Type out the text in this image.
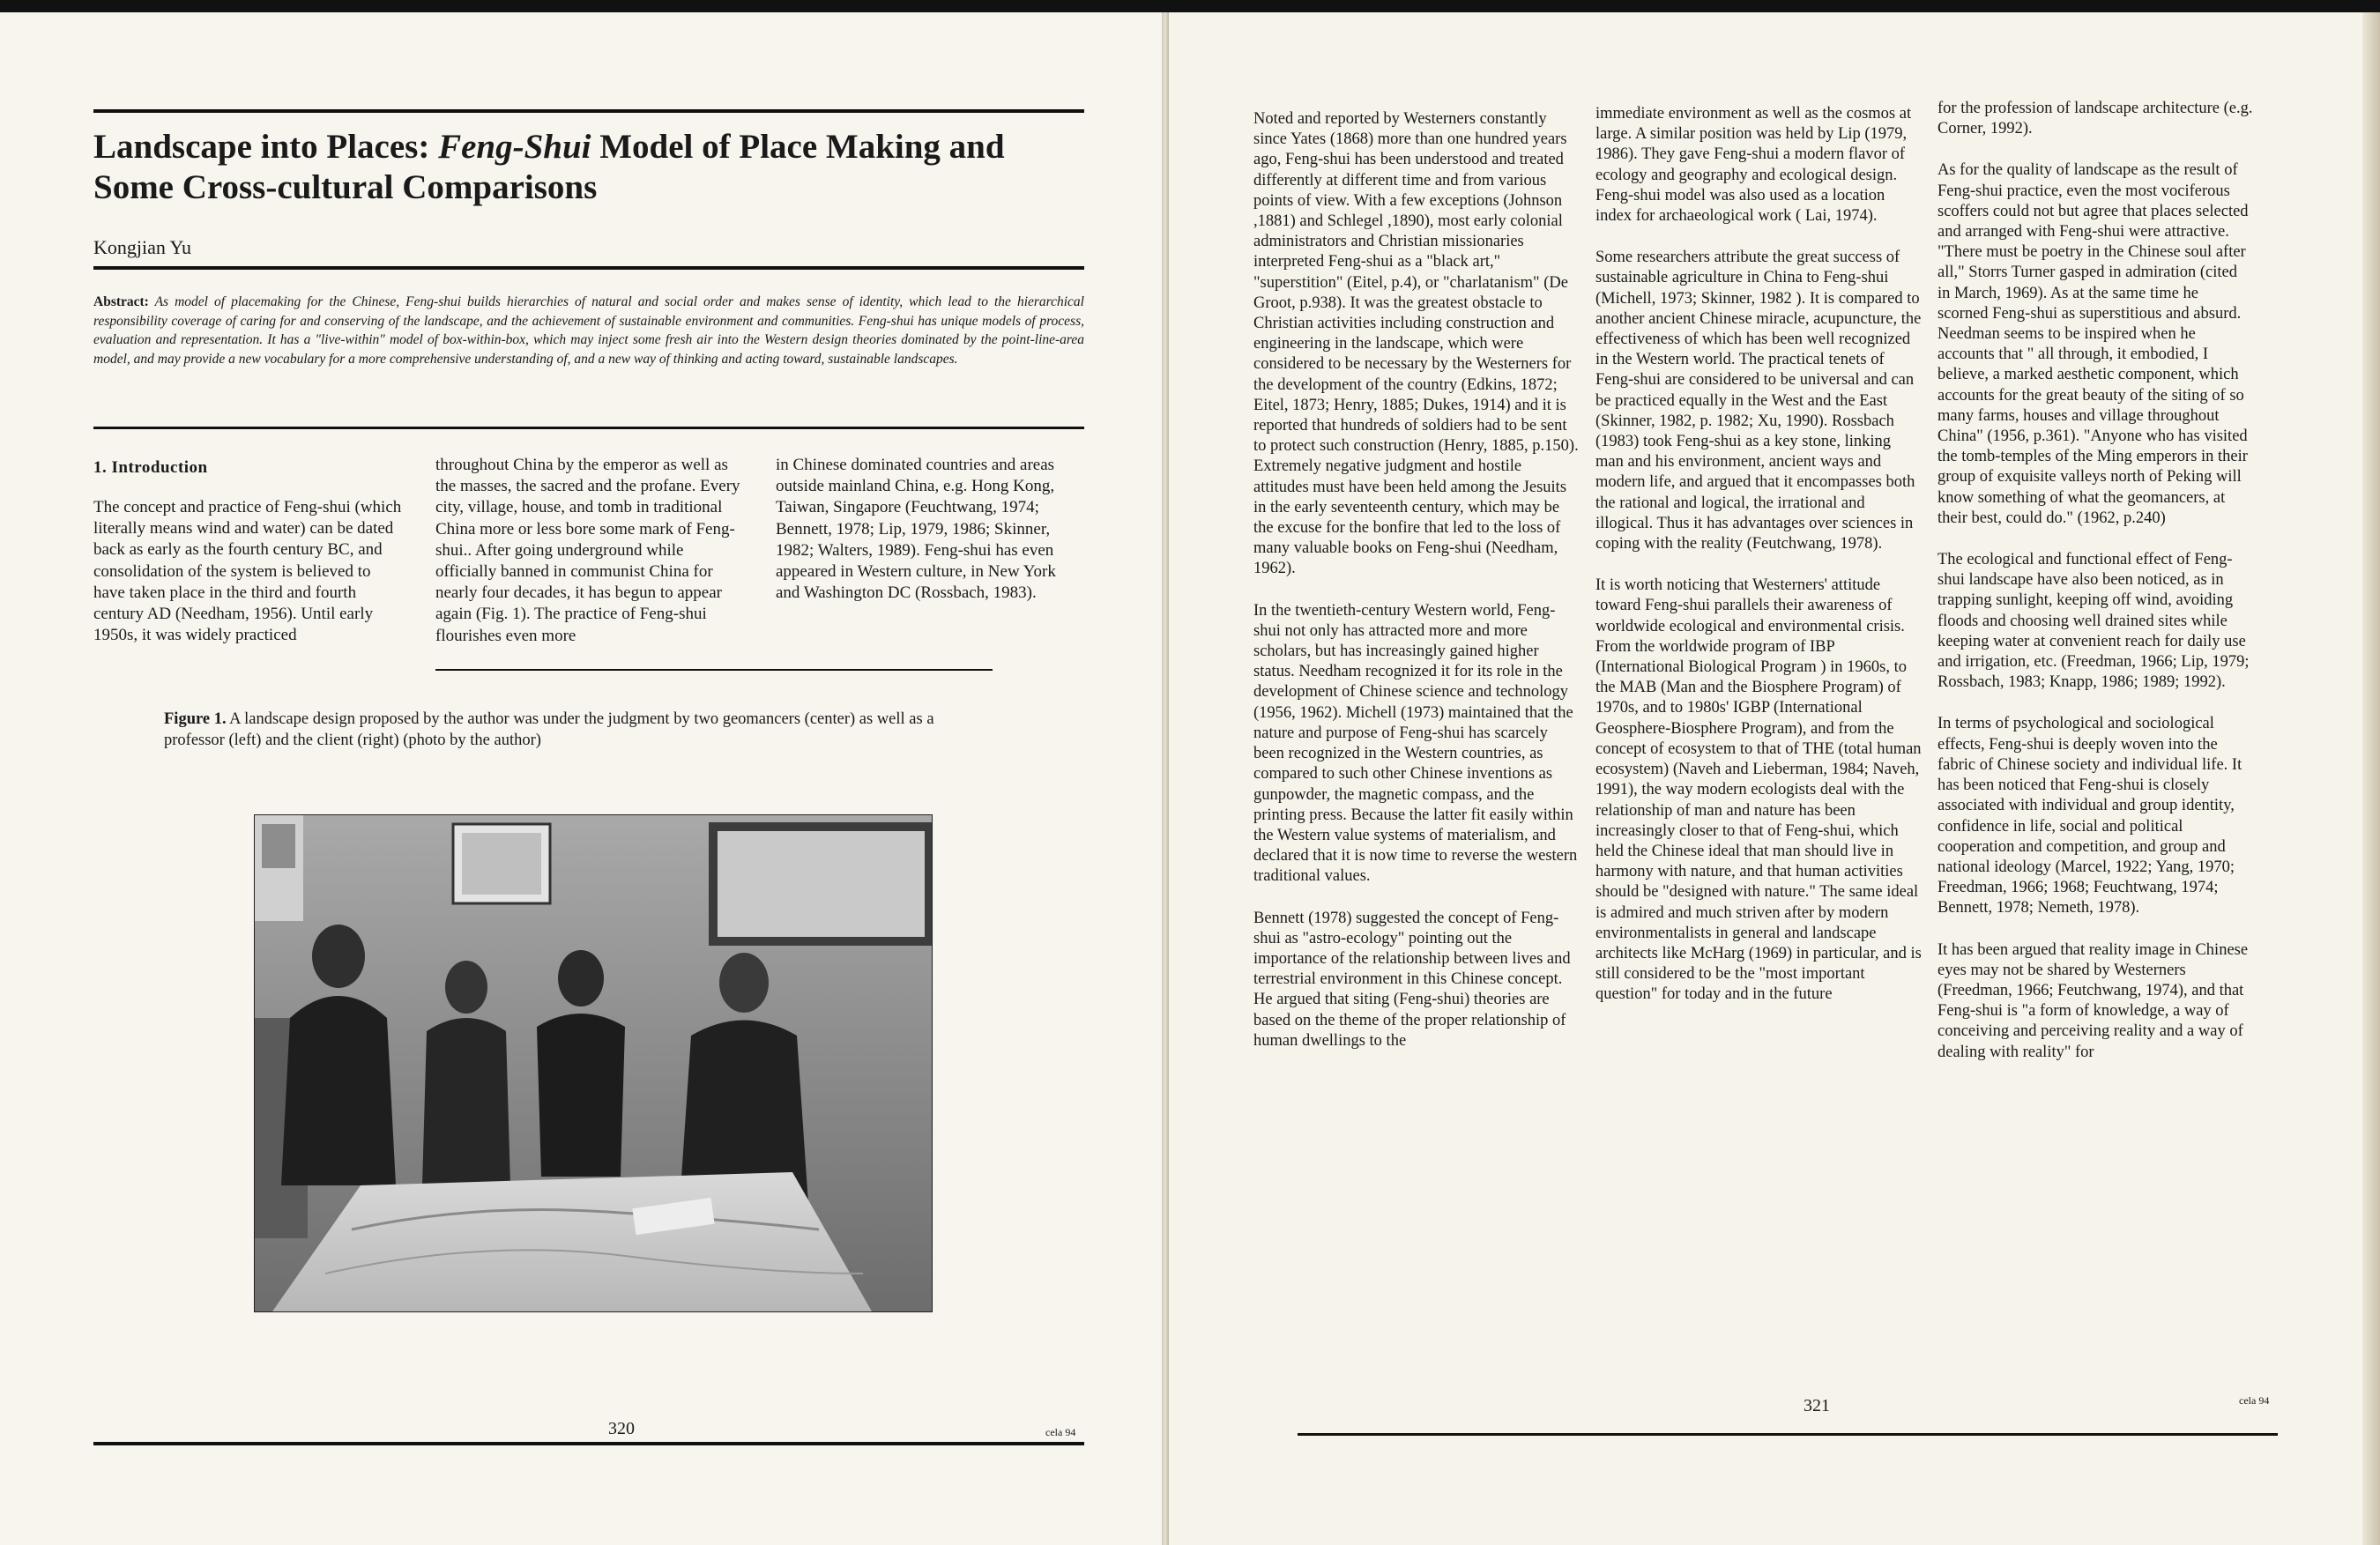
Landscape into Places: Feng-Shui Model of Place Making and Some Cross-cultural Comparisons

Kongjian Yu

Abstract: As model of placemaking for the Chinese, Feng-shui builds hierarchies of natural and social order and makes sense of identity, which lead to the hierarchical responsibility coverage of caring for and conserving of the landscape, and the achievement of sustainable environment and communities. Feng-shui has unique models of process, evaluation and representation. It has a "live-within" model of box-within-box, which may inject some fresh air into the Western design theories dominated by the point-line-area model, and may provide a new vocabulary for a more comprehensive understanding of, and a new way of thinking and acting toward, sustainable landscapes.

1. Introduction

The concept and practice of Feng-shui (which literally means wind and water) can be dated back as early as the fourth century BC, and consolidation of the system is believed to have taken place in the third and fourth century AD (Needham, 1956). Until early 1950s, it was widely practiced

throughout China by the emperor as well as the masses, the sacred and the profane. Every city, village, house, and tomb in traditional China more or less bore some mark of Feng-shui.. After going underground while officially banned in communist China for nearly four decades, it has begun to appear again (Fig. 1). The practice of Feng-shui flourishes even more

in Chinese dominated countries and areas outside mainland China, e.g. Hong Kong, Taiwan, Singapore (Feuchtwang, 1974; Bennett, 1978; Lip, 1979, 1986; Skinner, 1982; Walters, 1989). Feng-shui has even appeared in Western culture, in New York and Washington DC (Rossbach, 1983).

Figure 1. A landscape design proposed by the author was under the judgment by two geomancers (center) as well as a professor (left) and the client (right) (photo by the author)

320	cela 94

Noted and reported by Westerners constantly since Yates (1868) more than one hundred years ago, Feng-shui has been understood and treated differently at different time and from various points of view. With a few exceptions (Johnson ,1881) and Schlegel ,1890), most early colonial administrators and Christian missionaries interpreted Feng-shui as a "black art," "superstition" (Eitel, p.4), or "charlatanism" (De Groot, p.938). It was the greatest obstacle to Christian activities including construction and engineering in the landscape, which were considered to be necessary by the Westerners for the development of the country (Edkins, 1872; Eitel, 1873; Henry, 1885; Dukes, 1914) and it is reported that hundreds of soldiers had to be sent to protect such construction (Henry, 1885, p.150). Extremely negative judgment and hostile attitudes must have been held among the Jesuits in the early seventeenth century, which may be the excuse for the bonfire that led to the loss of many valuable books on Feng-shui (Needham, 1962).

In the twentieth-century Western world, Feng-shui not only has attracted more and more scholars, but has increasingly gained higher status. Needham recognized it for its role in the development of Chinese science and technology (1956, 1962). Michell (1973) maintained that the nature and purpose of Feng-shui has scarcely been recognized in the Western countries, as compared to such other Chinese inventions as gunpowder, the magnetic compass, and the printing press. Because the latter fit easily within the Western value systems of materialism, and declared that it is now time to reverse the western traditional values.

Bennett (1978) suggested the concept of Feng-shui as "astro-ecology" pointing out the importance of the relationship between lives and terrestrial environment in this Chinese concept. He argued that siting (Feng-shui) theories are based on the theme of the proper relationship of human dwellings to the

immediate environment as well as the cosmos at large. A similar position was held by Lip (1979, 1986). They gave Feng-shui a modern flavor of ecology and geography and ecological design. Feng-shui model was also used as a location index for archaeological work ( Lai, 1974).

Some researchers attribute the great success of sustainable agriculture in China to Feng-shui (Michell, 1973; Skinner, 1982 ). It is compared to another ancient Chinese miracle, acupuncture, the effectiveness of which has been well recognized in the Western world. The practical tenets of Feng-shui are considered to be universal and can be practiced equally in the West and the East (Skinner, 1982, p. 1982; Xu, 1990). Rossbach (1983) took Feng-shui as a key stone, linking man and his environment, ancient ways and modern life, and argued that it encompasses both the rational and logical, the irrational and illogical. Thus it has advantages over sciences in coping with the reality (Feutchwang, 1978).

It is worth noticing that Westerners' attitude toward Feng-shui parallels their awareness of worldwide ecological and environmental crisis. From the worldwide program of IBP (International Biological Program ) in 1960s, to the MAB (Man and the Biosphere Program) of 1970s, and to 1980s' IGBP (International Geosphere-Biosphere Program), and from the concept of ecosystem to that of THE (total human ecosystem) (Naveh and Lieberman, 1984; Naveh, 1991), the way modern ecologists deal with the relationship of man and nature has been increasingly closer to that of Feng-shui, which held the Chinese ideal that man should live in harmony with nature, and that human activities should be "designed with nature." The same ideal is admired and much striven after by modern environmentalists in general and landscape architects like McHarg (1969) in particular, and is still considered to be the "most important question" for today and in the future

for the profession of landscape architecture (e.g. Corner, 1992).

As for the quality of landscape as the result of Feng-shui practice, even the most vociferous scoffers could not but agree that places selected and arranged with Feng-shui were attractive. "There must be poetry in the Chinese soul after all," Storrs Turner gasped in admiration (cited in March, 1969). As at the same time he scorned Feng-shui as superstitious and absurd. Needman seems to be inspired when he accounts that " all through, it embodied, I believe, a marked aesthetic component, which accounts for the great beauty of the siting of so many farms, houses and village throughout China" (1956, p.361). "Anyone who has visited the tomb-temples of the Ming emperors in their group of exquisite valleys north of Peking will know something of what the geomancers, at their best, could do." (1962, p.240)

The ecological and functional effect of Feng-shui landscape have also been noticed, as in trapping sunlight, keeping off wind, avoiding floods and choosing well drained sites while keeping water at convenient reach for daily use and irrigation, etc. (Freedman, 1966; Lip, 1979; Rossbach, 1983; Knapp, 1986; 1989; 1992).

In terms of psychological and sociological effects, Feng-shui is deeply woven into the fabric of Chinese society and individual life. It has been noticed that Feng-shui is closely associated with individual and group identity, confidence in life, social and political cooperation and competition, and group and national ideology (Marcel, 1922; Yang, 1970; Freedman, 1966; 1968; Feuchtwang, 1974; Bennett, 1978; Nemeth, 1978).

It has been argued that reality image in Chinese eyes may not be shared by Westerners (Freedman, 1966; Feutchwang, 1974), and that Feng-shui is "a form of knowledge, a way of conceiving and perceiving reality and a way of dealing with reality" for

321	cela 94
